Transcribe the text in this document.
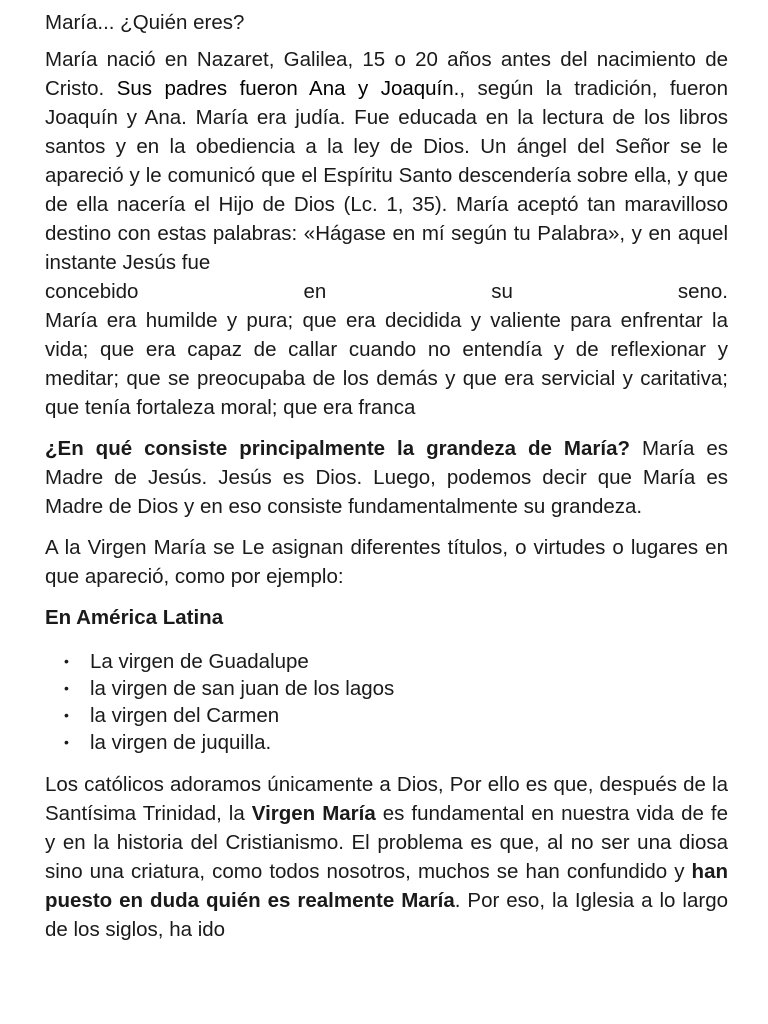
María... ¿Quién eres?

María nació en Nazaret, Galilea, 15 o 20 años antes del nacimiento de Cristo. Sus padres fueron Ana y Joaquín., según la tradición, fueron Joaquín y Ana. María era judía. Fue educada en la lectura de los libros santos y en la obediencia a la ley de Dios. Un ángel del Señor se le apareció y le comunicó que el Espíritu Santo descendería sobre ella, y que de ella nacería el Hijo de Dios (Lc. 1, 35). María aceptó tan maravilloso destino con estas palabras: «Hágase en mí según tu Palabra», y en aquel instante Jesús fue

concebido	en	su	seno.

María era humilde y pura; que era decidida y valiente para enfrentar la vida; que era capaz de callar cuando no entendía y de reflexionar y meditar; que se preocupaba de los demás y que era servicial y caritativa; que tenía fortaleza moral; que era franca

¿En qué consiste principalmente la grandeza de María? María es Madre de Jesús. Jesús es Dios. Luego, podemos decir que María es Madre de Dios y en eso consiste fundamentalmente su grandeza.

A la Virgen María se Le asignan diferentes títulos, o virtudes o lugares en que apareció, como por ejemplo:

En América Latina

• La virgen de Guadalupe
• la virgen de san juan de los lagos
• la virgen del Carmen
• la virgen de juquilla.

Los católicos adoramos únicamente a Dios, Por ello es que, después de la Santísima Trinidad, la Virgen María es fundamental en nuestra vida de fe y en la historia del Cristianismo. El problema es que, al no ser una diosa sino una criatura, como todos nosotros, muchos se han confundido y han puesto en duda quién es realmente María. Por eso, la Iglesia a lo largo de los siglos, ha ido
